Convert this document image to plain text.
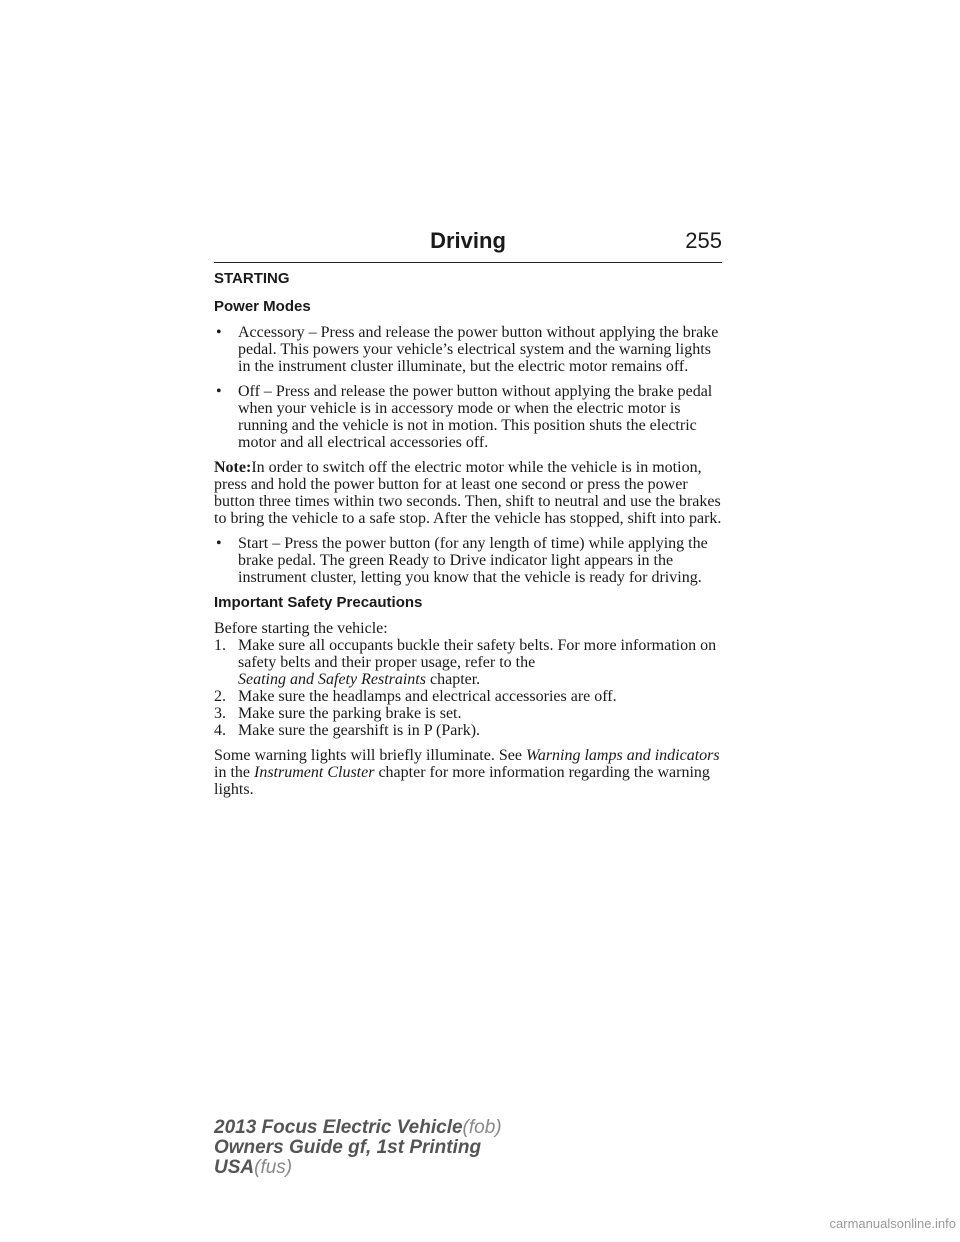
Driving	255
STARTING
Power Modes
• Accessory – Press and release the power button without applying the brake pedal. This powers your vehicle’s electrical system and the warning lights in the instrument cluster illuminate, but the electric motor remains off.
• Off – Press and release the power button without applying the brake pedal when your vehicle is in accessory mode or when the electric motor is running and the vehicle is not in motion. This position shuts the electric motor and all electrical accessories off.
Note:In order to switch off the electric motor while the vehicle is in motion, press and hold the power button for at least one second or press the power button three times within two seconds. Then, shift to neutral and use the brakes to bring the vehicle to a safe stop. After the vehicle has stopped, shift into park.
• Start – Press the power button (for any length of time) while applying the brake pedal. The green Ready to Drive indicator light appears in the instrument cluster, letting you know that the vehicle is ready for driving.
Important Safety Precautions
Before starting the vehicle:
1. Make sure all occupants buckle their safety belts. For more information on safety belts and their proper usage, refer to the
Seating and Safety Restraints chapter.
2. Make sure the headlamps and electrical accessories are off.
3. Make sure the parking brake is set.
4. Make sure the gearshift is in P (Park).
Some warning lights will briefly illuminate. See Warning lamps and indicators in the Instrument Cluster chapter for more information regarding the warning lights.
2013 Focus Electric Vehicle(fob)
Owners Guide gf, 1st Printing
USA(fus)
carmanualsonline.info
